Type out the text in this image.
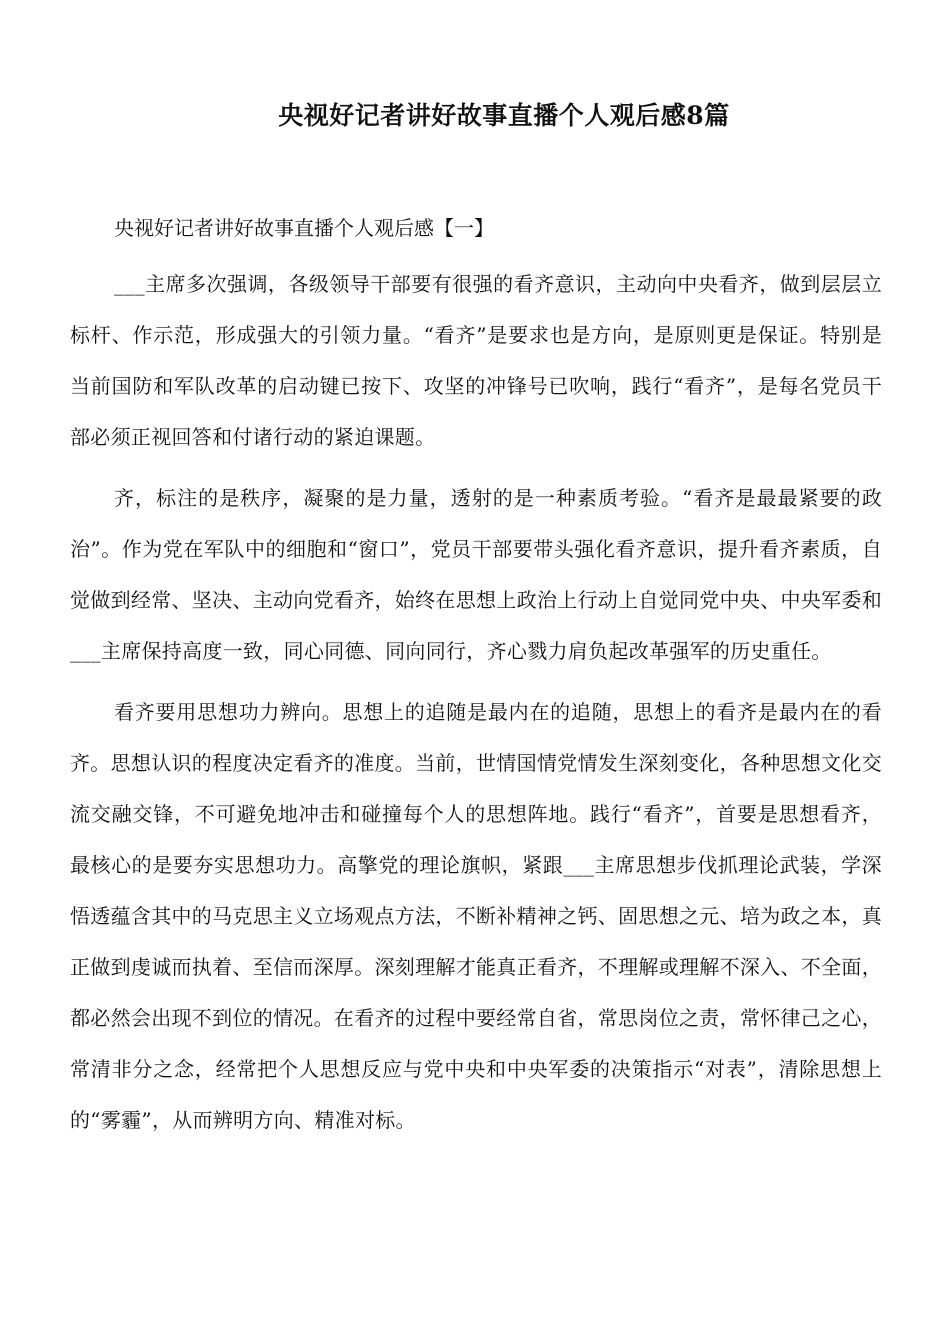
央视好记者讲好故事直播个人观后感8篇

央视好记者讲好故事直播个人观后感【一】

___主席多次强调，各级领导干部要有很强的看齐意识，主动向中央看齐，做到层层立标杆、作示范，形成强大的引领力量。“看齐”是要求也是方向，是原则更是保证。特别是当前国防和军队改革的启动键已按下、攻坚的冲锋号已吹响，践行“看齐”，是每名党员干部必须正视回答和付诸行动的紧迫课题。

齐，标注的是秩序，凝聚的是力量，透射的是一种素质考验。“看齐是最最紧要的政治”。作为党在军队中的细胞和“窗口”，党员干部要带头强化看齐意识，提升看齐素质，自觉做到经常、坚决、主动向党看齐，始终在思想上政治上行动上自觉同党中央、中央军委和___主席保持高度一致，同心同德、同向同行，齐心戮力肩负起改革强军的历史重任。

看齐要用思想功力辨向。思想上的追随是最内在的追随，思想上的看齐是最内在的看齐。思想认识的程度决定看齐的准度。当前，世情国情党情发生深刻变化，各种思想文化交流交融交锋，不可避免地冲击和碰撞每个人的思想阵地。践行“看齐”，首要是思想看齐，最核心的是要夯实思想功力。高擎党的理论旗帜，紧跟___主席思想步伐抓理论武装，学深悟透蕴含其中的马克思主义立场观点方法，不断补精神之钙、固思想之元、培为政之本，真正做到虔诚而执着、至信而深厚。深刻理解才能真正看齐，不理解或理解不深入、不全面，都必然会出现不到位的情况。在看齐的过程中要经常自省，常思岗位之责，常怀律己之心，常清非分之念，经常把个人思想反应与党中央和中央军委的决策指示“对表”，清除思想上的“雾霾”，从而辨明方向、精准对标。
